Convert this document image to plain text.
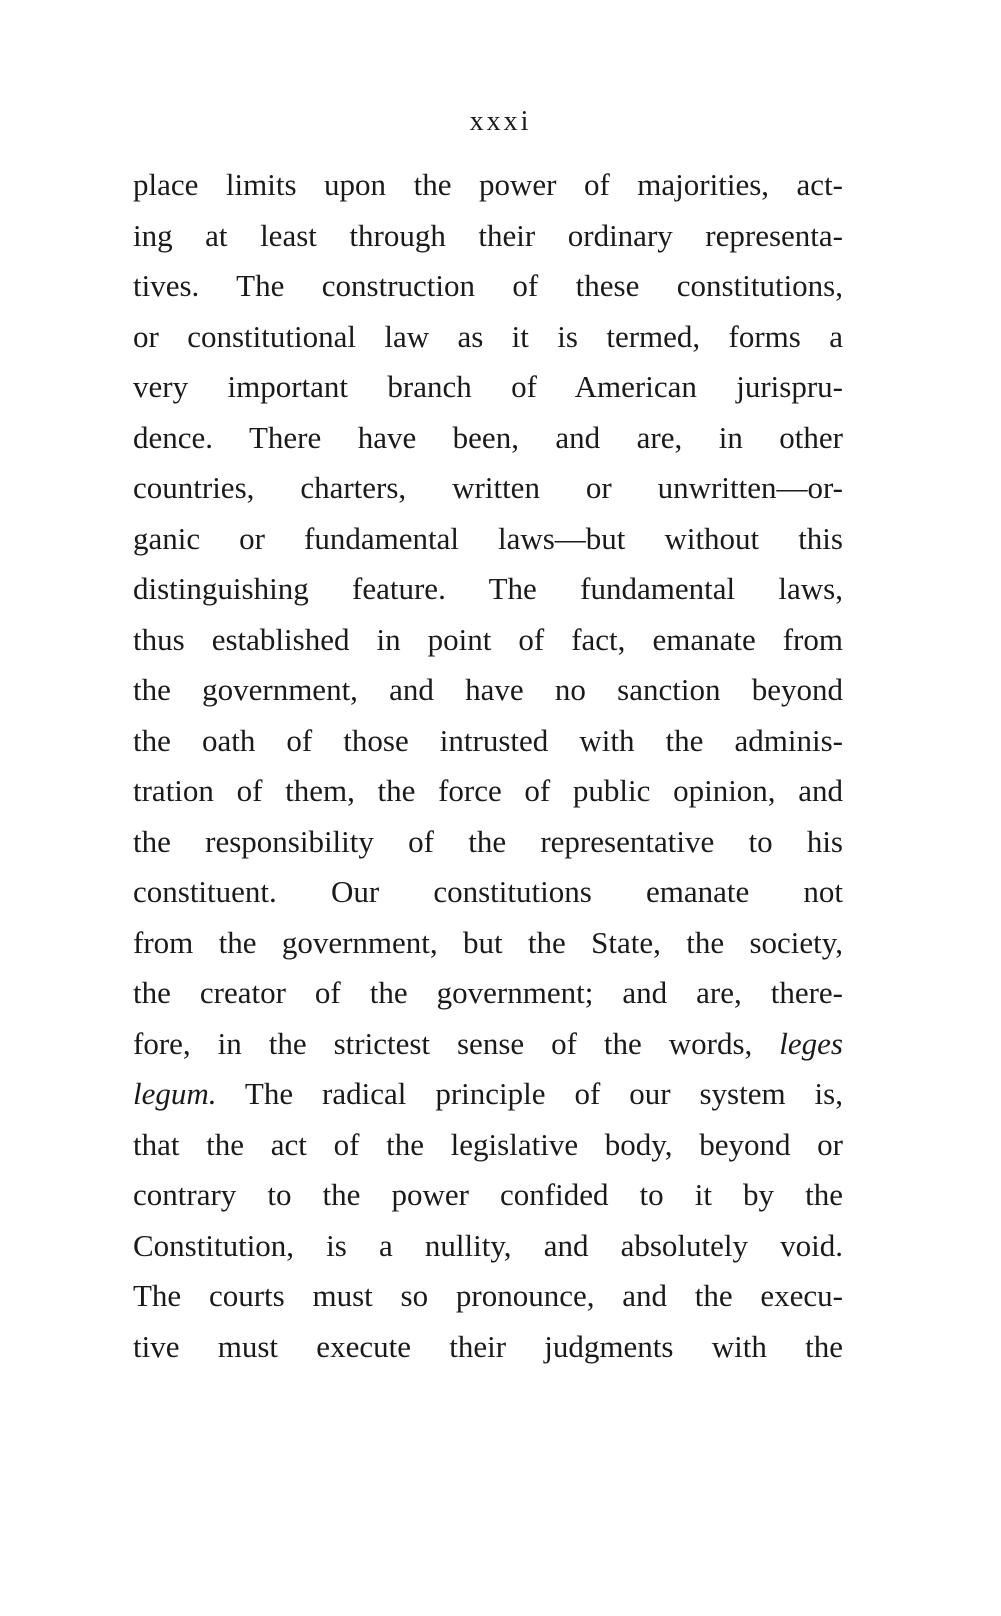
xxxi
place limits upon the power of majorities, act-
ing at least through their ordinary representa-
tives. The construction of these constitutions,
or constitutional law as it is termed, forms a
very important branch of American jurispru-
dence. There have been, and are, in other
countries, charters, written or unwritten—or-
ganic or fundamental laws—but without this
distinguishing feature. The fundamental laws,
thus established in point of fact, emanate from
the government, and have no sanction beyond
the oath of those intrusted with the adminis-
tration of them, the force of public opinion, and
the responsibility of the representative to his
constituent. Our constitutions emanate not
from the government, but the State, the society,
the creator of the government; and are, there-
fore, in the strictest sense of the words, leges
legum. The radical principle of our system is,
that the act of the legislative body, beyond or
contrary to the power confided to it by the
Constitution, is a nullity, and absolutely void.
The courts must so pronounce, and the execu-
tive must execute their judgments with the
